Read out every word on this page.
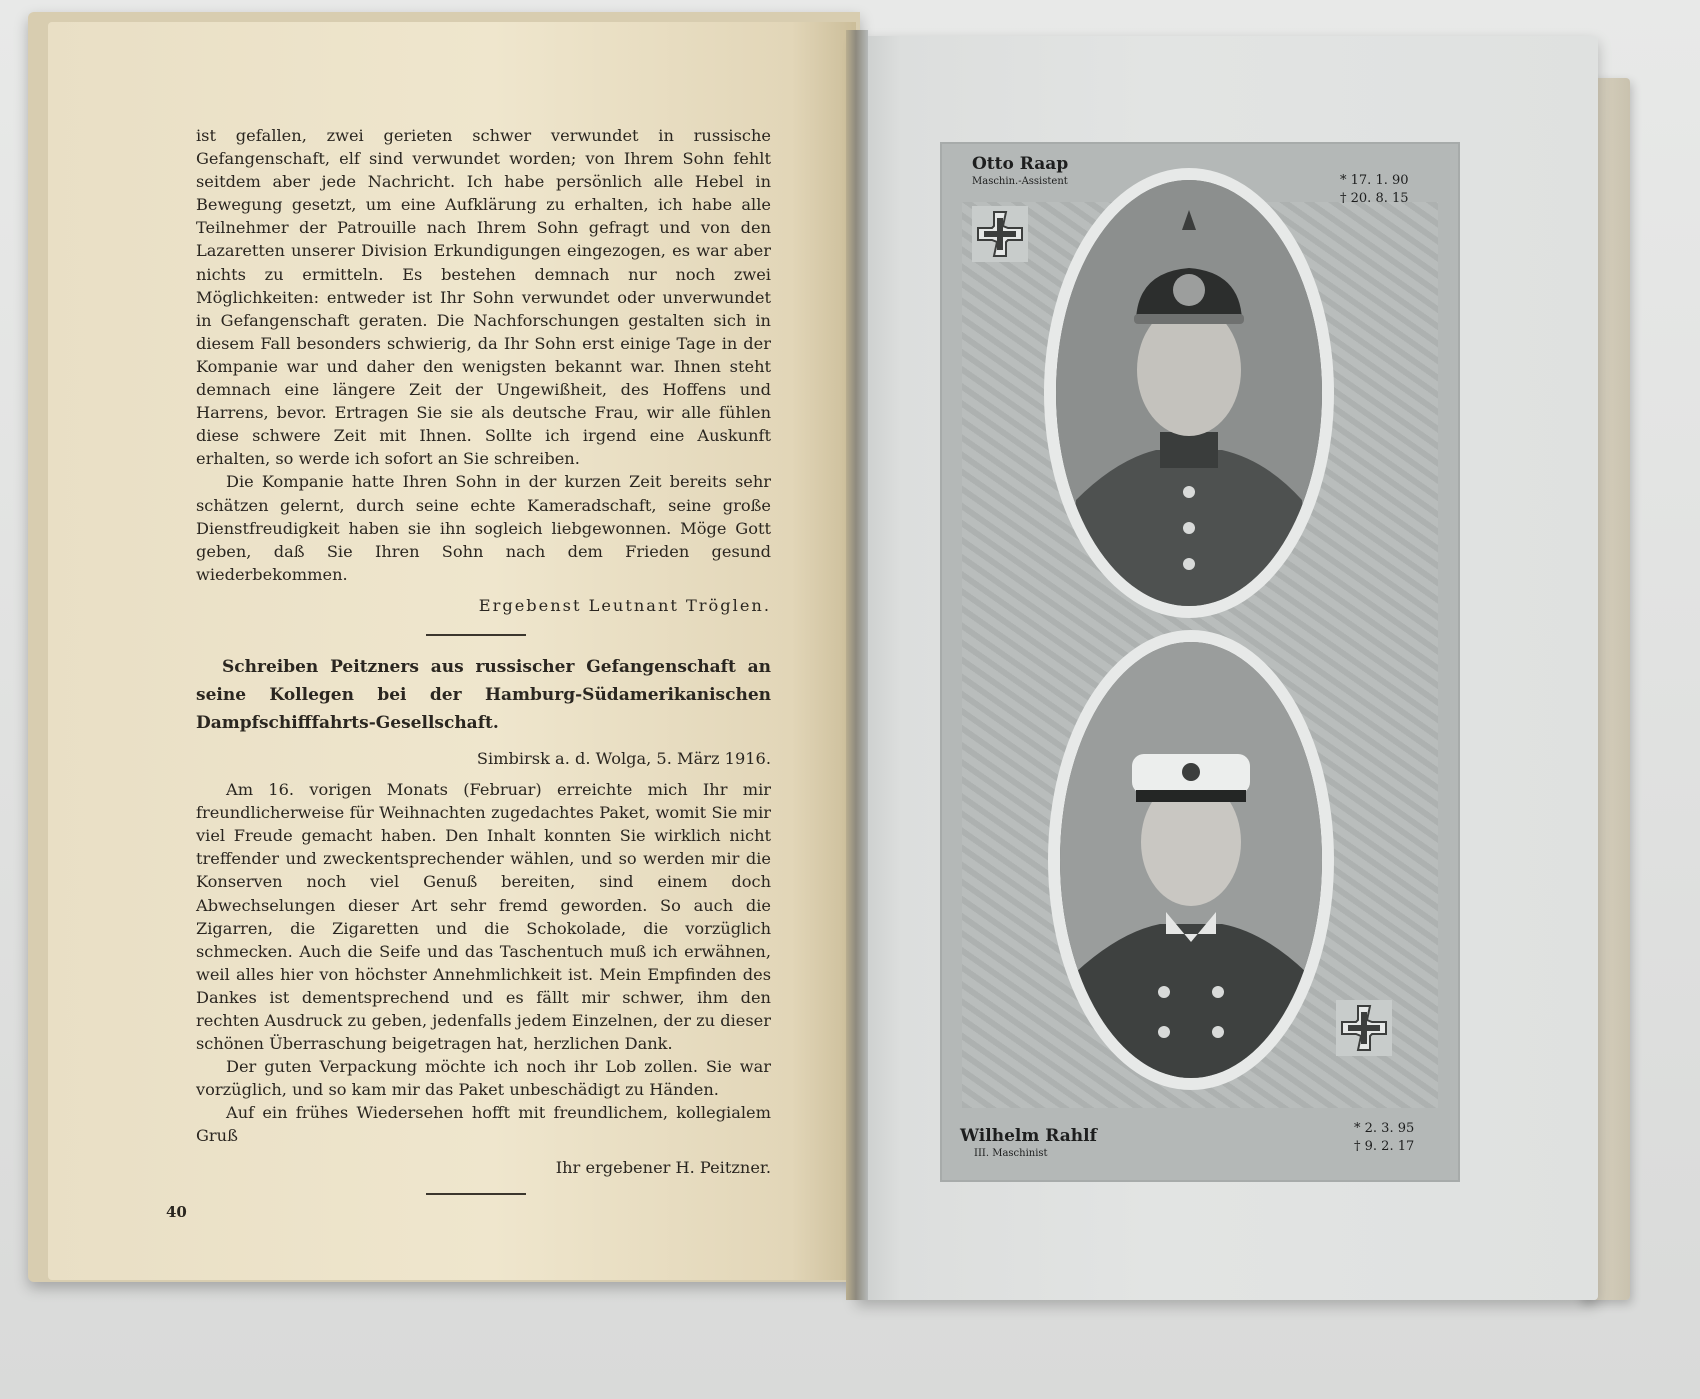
ist gefallen, zwei gerieten schwer verwundet in russische Gefangenschaft, elf sind verwundet worden; von Ihrem Sohn fehlt seitdem aber jede Nachricht. Ich habe persönlich alle Hebel in Bewegung gesetzt, um eine Aufklärung zu erhalten, ich habe alle Teilnehmer der Patrouille nach Ihrem Sohn gefragt und von den Lazaretten unserer Division Erkundigungen eingezogen, es war aber nichts zu ermitteln. Es bestehen demnach nur noch zwei Möglichkeiten: entweder ist Ihr Sohn verwundet oder unverwundet in Gefangenschaft geraten. Die Nachforschungen gestalten sich in diesem Fall besonders schwierig, da Ihr Sohn erst einige Tage in der Kompanie war und daher den wenigsten bekannt war. Ihnen steht demnach eine längere Zeit der Ungewißheit, des Hoffens und Harrens, bevor. Ertragen Sie sie als deutsche Frau, wir alle fühlen diese schwere Zeit mit Ihnen. Sollte ich irgend eine Auskunft erhalten, so werde ich sofort an Sie schreiben.

Die Kompanie hatte Ihren Sohn in der kurzen Zeit bereits sehr schätzen gelernt, durch seine echte Kameradschaft, seine große Dienstfreudigkeit haben sie ihn sogleich liebgewonnen. Möge Gott geben, daß Sie Ihren Sohn nach dem Frieden gesund wiederbekommen.

Ergebenst Leutnant Tröglen.

Schreiben Peitzners aus russischer Gefangenschaft an seine Kollegen bei der Hamburg-Südamerikanischen Dampfschifffahrts-Gesellschaft.

Simbirsk a. d. Wolga, 5. März 1916.

Am 16. vorigen Monats (Februar) erreichte mich Ihr mir freundlicherweise für Weihnachten zugedachtes Paket, womit Sie mir viel Freude gemacht haben. Den Inhalt konnten Sie wirklich nicht treffender und zweckentsprechender wählen, und so werden mir die Konserven noch viel Genuß bereiten, sind einem doch Abwechselungen dieser Art sehr fremd geworden. So auch die Zigarren, die Zigaretten und die Schokolade, die vorzüglich schmecken. Auch die Seife und das Taschentuch muß ich erwähnen, weil alles hier von höchster Annehmlichkeit ist. Mein Empfinden des Dankes ist dementsprechend und es fällt mir schwer, ihm den rechten Ausdruck zu geben, jedenfalls jedem Einzelnen, der zu dieser schönen Überraschung beigetragen hat, herzlichen Dank.

Der guten Verpackung möchte ich noch ihr Lob zollen. Sie war vorzüglich, und so kam mir das Paket unbeschädigt zu Händen.

Auf ein frühes Wiedersehen hofft mit freundlichem, kollegialem Gruß

Ihr ergebener H. Peitzner.

40
Otto Raap
Maschin.-Assistent	* 17. 1. 90
† 20. 8. 15
Wilhelm Rahlf
III. Maschinist
* 2. 3. 95
† 9. 2. 17
